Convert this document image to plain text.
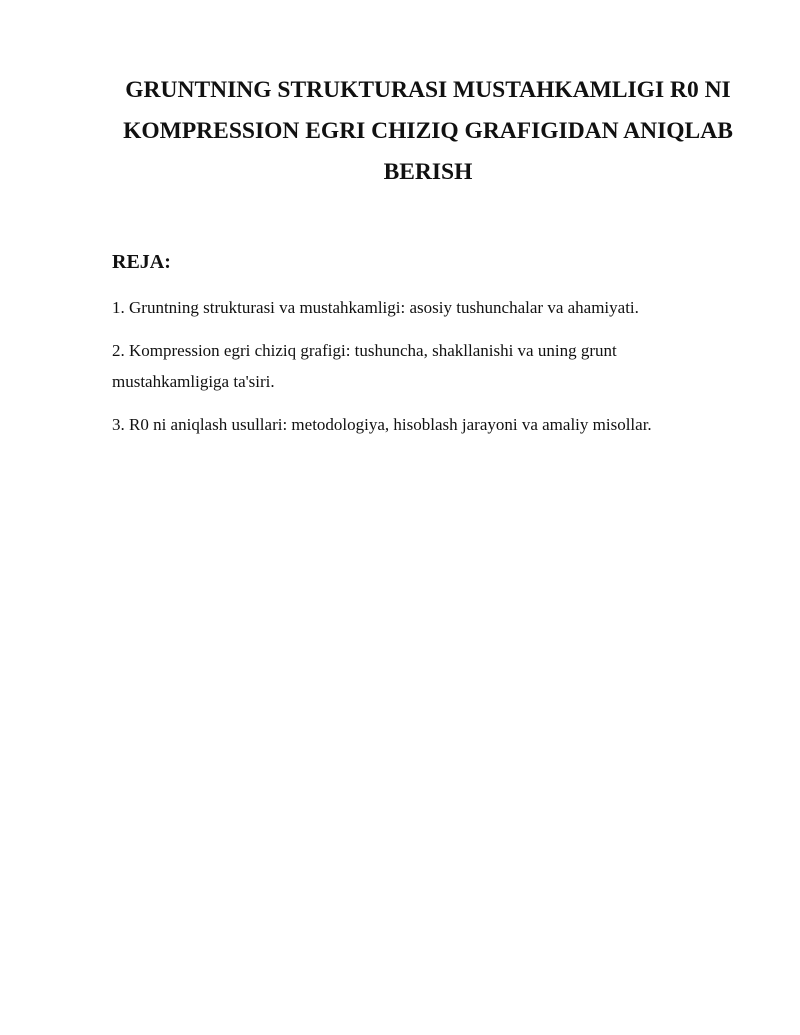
GRUNTNING STRUKTURASI MUSTAHKAMLIGI R0 NI
KOMPRESSION EGRI CHIZIQ GRAFIGIDAN ANIQLAB
BERISH
REJA:
1. Gruntning strukturasi va mustahkamligi: asosiy tushunchalar va ahamiyati.
2. Kompression egri chiziq grafigi: tushuncha, shakllanishi va uning grunt
mustahkamligiga ta'siri.
3. R0 ni aniqlash usullari: metodologiya, hisoblash jarayoni va amaliy misollar.
